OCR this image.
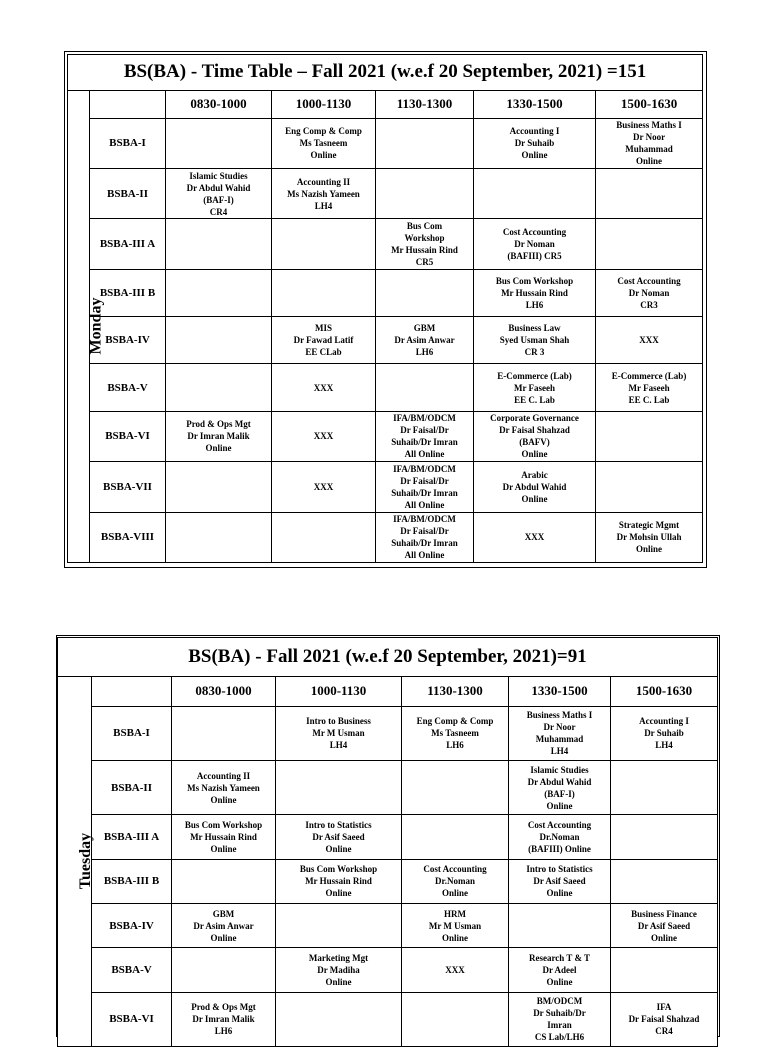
BS(BA) - Time Table – Fall 2021 (w.e.f 20 September, 2021) =151						
Monday		0830-1000	1000-1130	1130-1300	1330-1500	1500-1630
	BSBA-I		Eng Comp & Comp
Ms Tasneem
Online		Accounting I
Dr Suhaib
Online	Business Maths I
Dr Noor
Muhammad
Online
	BSBA-II	Islamic Studies
Dr Abdul Wahid
(BAF-I)
CR4	Accounting II
Ms Nazish Yameen
LH4			
	BSBA-III A			Bus Com
Workshop
Mr Hussain Rind
CR5	Cost Accounting
Dr Noman
(BAFIII) CR5	
	BSBA-III B				Bus Com Workshop
Mr Hussain Rind
LH6	Cost Accounting
Dr Noman
CR3
	BSBA-IV		MIS
Dr Fawad Latif
EE CLab	GBM
Dr Asim Anwar
LH6	Business Law
Syed Usman Shah
CR 3	XXX
	BSBA-V		XXX		E-Commerce (Lab)
Mr Faseeh
EE C. Lab	E-Commerce (Lab)
Mr Faseeh
EE C. Lab
	BSBA-VI	Prod & Ops Mgt
Dr Imran Malik
Online	XXX	IFA/BM/ODCM
Dr Faisal/Dr
Suhaib/Dr Imran
All Online	Corporate Governance
Dr Faisal Shahzad
(BAFV)
Online	
	BSBA-VII		XXX	IFA/BM/ODCM
Dr Faisal/Dr
Suhaib/Dr Imran
All Online	Arabic
Dr Abdul Wahid
Online	
	BSBA-VIII			IFA/BM/ODCM
Dr Faisal/Dr
Suhaib/Dr Imran
All Online	XXX	Strategic Mgmt
Dr Mohsin Ullah
Online
BS(BA) - Fall 2021 (w.e.f 20 September, 2021)=91						
Tuesday		0830-1000	1000-1130	1130-1300	1330-1500	1500-1630
	BSBA-I		Intro to Business
Mr M Usman
LH4	Eng Comp & Comp
Ms Tasneem
LH6	Business Maths I
Dr Noor
Muhammad
LH4	Accounting I
Dr Suhaib
LH4
	BSBA-II	Accounting II
Ms Nazish Yameen
Online			Islamic Studies
Dr Abdul Wahid
(BAF-I)
Online	
	BSBA-III A	Bus Com Workshop
Mr Hussain Rind
Online	Intro to Statistics
Dr Asif Saeed
Online		Cost Accounting
Dr.Noman
(BAFIII) Online	
	BSBA-III B		Bus Com Workshop
Mr Hussain Rind
Online	Cost Accounting
Dr.Noman
Online	Intro to Statistics
Dr Asif Saeed
Online	
	BSBA-IV	GBM
Dr Asim Anwar
Online		HRM
Mr M Usman
Online		Business Finance
Dr Asif Saeed
Online
	BSBA-V		Marketing Mgt
Dr Madiha
Online	XXX	Research T & T
Dr Adeel
Online	
	BSBA-VI	Prod & Ops Mgt
Dr Imran Malik
LH6			BM/ODCM
Dr Suhaib/Dr
Imran
CS Lab/LH6	IFA
Dr Faisal Shahzad
CR4
